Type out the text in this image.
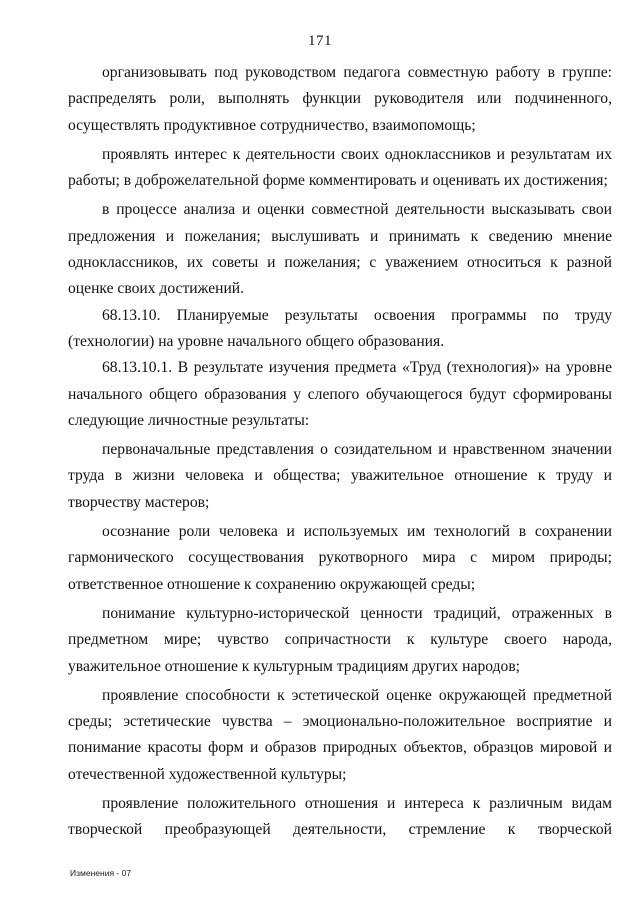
171

организовывать под руководством педагога совместную работу в группе: распределять роли, выполнять функции руководителя или подчиненного, осуществлять продуктивное сотрудничество, взаимопомощь;

проявлять интерес к деятельности своих одноклассников и результатам их работы; в доброжелательной форме комментировать и оценивать их достижения;

в процессе анализа и оценки совместной деятельности высказывать свои предложения и пожелания; выслушивать и принимать к сведению мнение одноклассников, их советы и пожелания; с уважением относиться к разной оценке своих достижений.

68.13.10. Планируемые результаты освоения программы по труду (технологии) на уровне начального общего образования.

68.13.10.1. В результате изучения предмета «Труд (технология)» на уровне начального общего образования у слепого обучающегося будут сформированы следующие личностные результаты:

первоначальные представления о созидательном и нравственном значении труда в жизни человека и общества; уважительное отношение к труду и творчеству мастеров;

осознание роли человека и используемых им технологий в сохранении гармонического сосуществования рукотворного мира с миром природы; ответственное отношение к сохранению окружающей среды;

понимание культурно-исторической ценности традиций, отраженных в предметном мире; чувство сопричастности к культуре своего народа, уважительное отношение к культурным традициям других народов;

проявление способности к эстетической оценке окружающей предметной среды; эстетические чувства – эмоционально-положительное восприятие и понимание красоты форм и образов природных объектов, образцов мировой и отечественной художественной культуры;

проявление положительного отношения и интереса к различным видам творческой преобразующей деятельности, стремление к творческой

Изменения - 07
